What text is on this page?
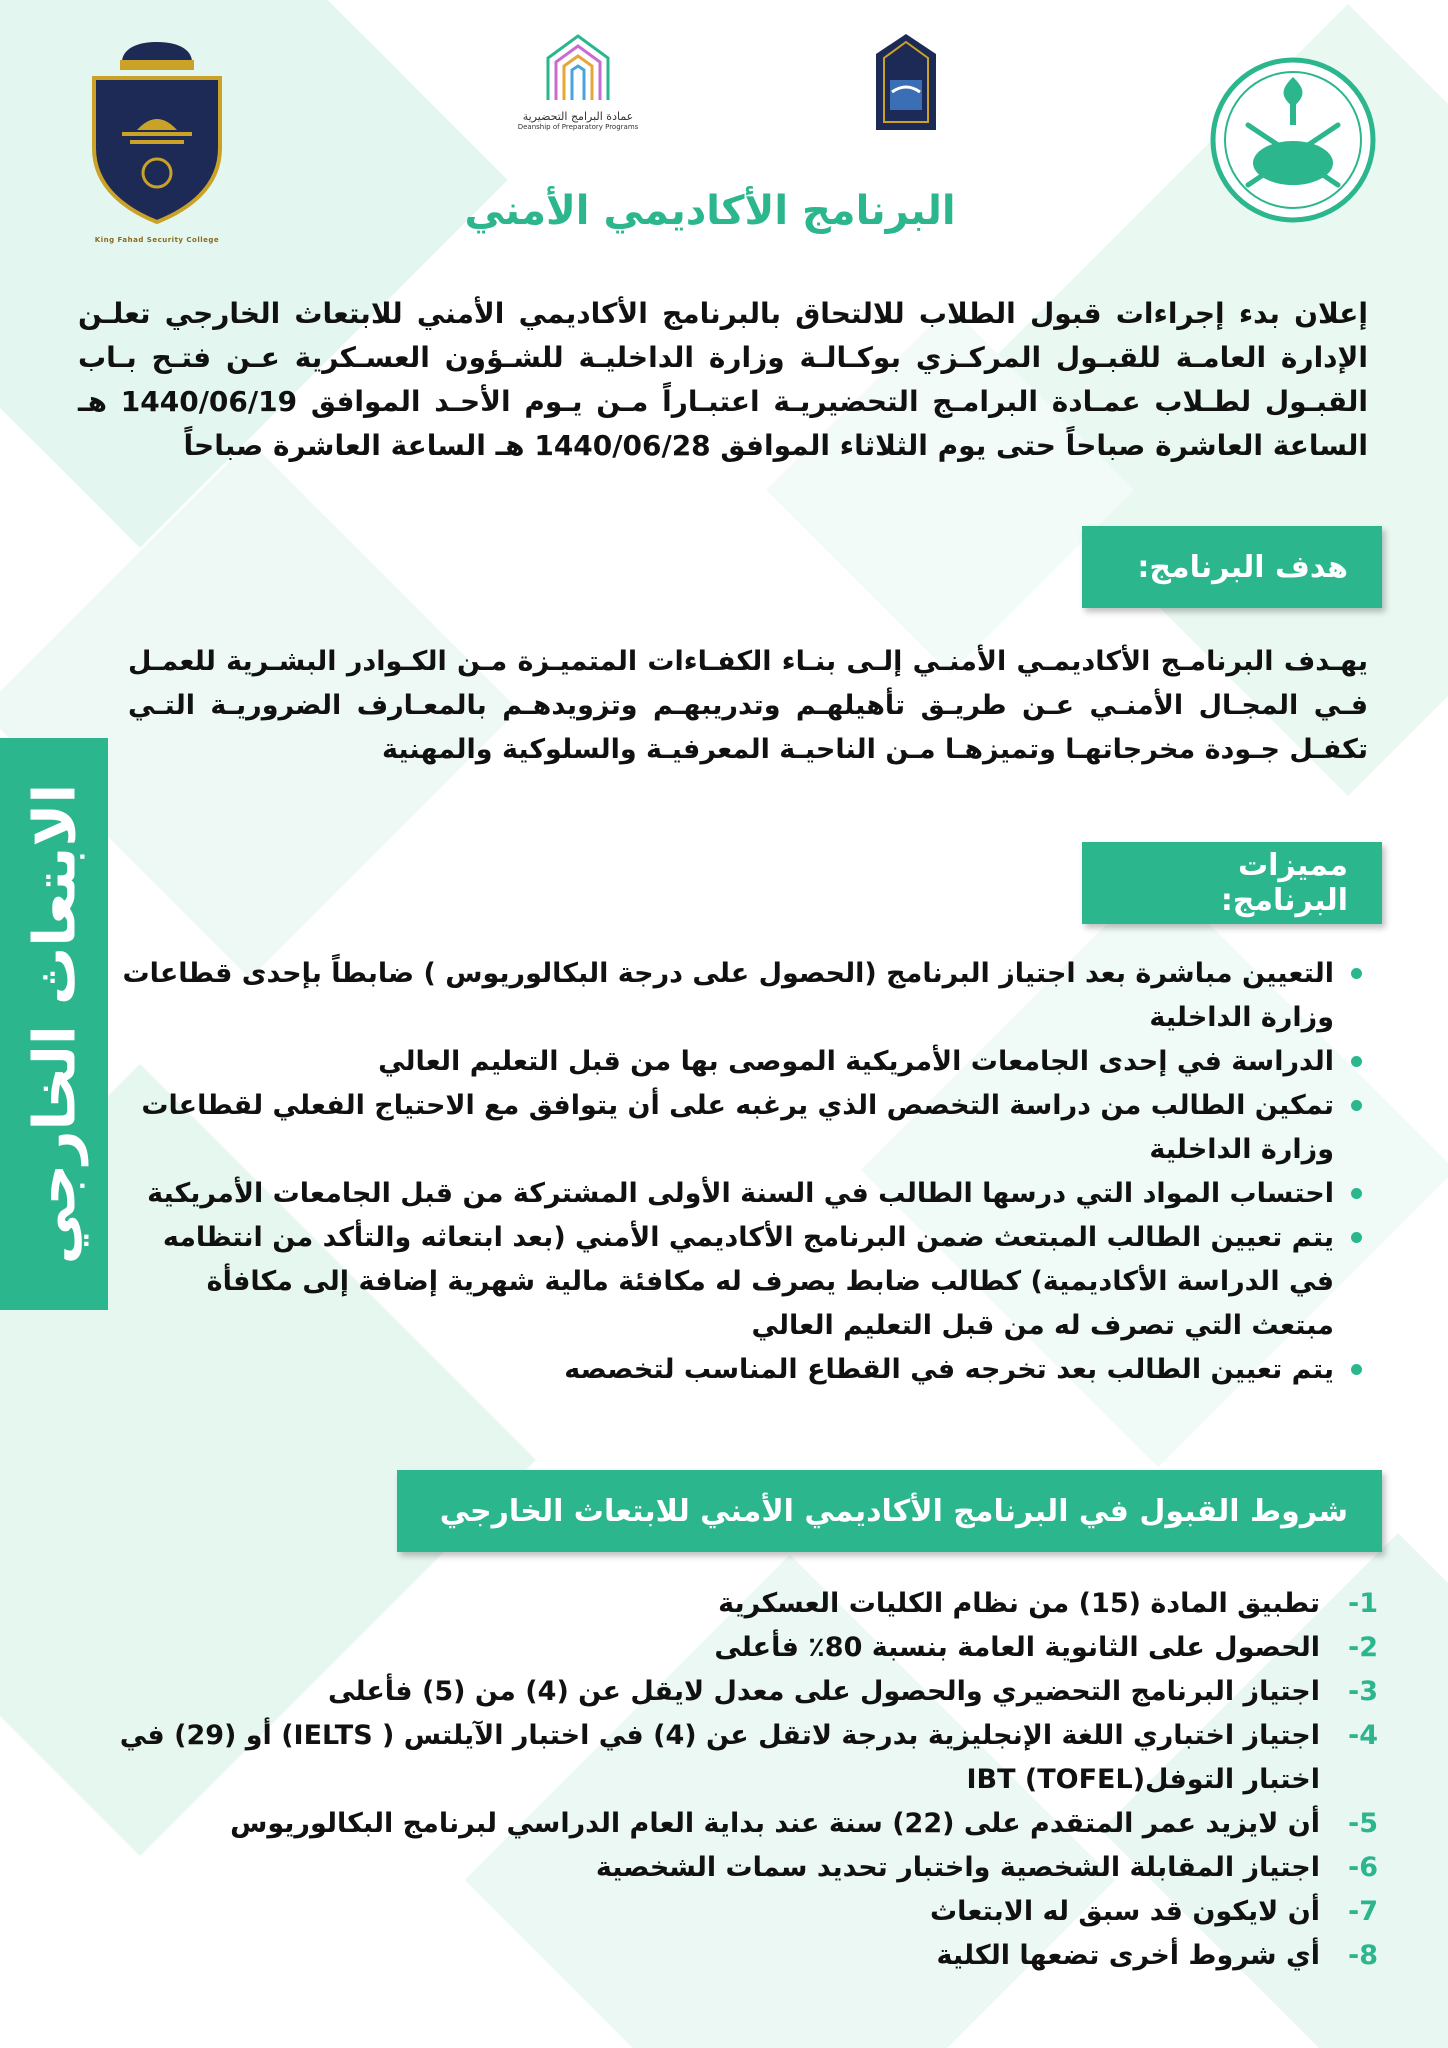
عمادة البرامج التحضيرية
Deanship of Preparatory Programs
King Fahad Security College
البرنامج الأكاديمي الأمني

إعلان بدء إجراءات قبول الطلاب للالتحاق بالبرنامج الأكاديمي الأمني للابتعاث الخارجي تعلـن الإدارة العامـة للقبـول المركـزي بوكـالـة وزارة الداخليـة للشـؤون العسـكرية عـن فتـح بـاب القبـول لطـلاب عمـادة البرامـج التحضيريـة اعتبـاراً مـن يـوم الأحـد الموافق 1440/06/19 هـ الساعة العاشرة صباحاً حتى يوم الثلاثاء الموافق 1440/06/28 هـ الساعة العاشرة صباحاً

هدف البرنامج:

يهـدف البرنامـج الأكاديمـي الأمنـي إلـى بنـاء الكفـاءات المتميـزة مـن الكـوادر البشـرية للعمـل فـي المجـال الأمنـي عـن طريـق تأهيلهـم وتدريبهـم وتزويدهـم بالمعـارف الضروريـة التـي تكفـل جـودة مخرجاتهـا وتميزهـا مـن الناحيـة المعرفيـة والسلوكية والمهنية

مميزات البرنامج:
التعيين مباشرة بعد اجتياز البرنامج (الحصول على درجة البكالوريوس ) ضابطاً بإحدى قطاعات وزارة الداخلية
الدراسة في إحدى الجامعات الأمريكية الموصى بها من قبل التعليم العالي
تمكين الطالب من دراسة التخصص الذي يرغبه على أن يتوافق مع الاحتياج الفعلي لقطاعات وزارة الداخلية
احتساب المواد التي درسها الطالب في السنة الأولى المشتركة من قبل الجامعات الأمريكية
يتم تعيين الطالب المبتعث ضمن البرنامج الأكاديمي الأمني (بعد ابتعاثه والتأكد من انتظامه في الدراسة الأكاديمية) كطالب ضابط يصرف له مكافئة مالية شهرية إضافة إلى مكافأة مبتعث التي تصرف له من قبل التعليم العالي
يتم تعيين الطالب بعد تخرجه في القطاع المناسب لتخصصه
شروط القبول في البرنامج الأكاديمي الأمني للابتعاث الخارجي
-1
تطبيق المادة (15) من نظام الكليات العسكرية
-2
الحصول على الثانوية العامة بنسبة 80٪ فأعلى
-3
اجتياز البرنامج التحضيري والحصول على معدل لايقل عن (4) من (5) فأعلى
-4
اجتياز اختباري اللغة الإنجليزية بدرجة لاتقل عن (4) في اختبار الآيلتس ( IELTS) أو (29) في اختبار التوفل(IBT (TOFEL
-5
أن لايزيد عمر المتقدم على (22) سنة عند بداية العام الدراسي لبرنامج البكالوريوس
-6
اجتياز المقابلة الشخصية واختبار تحديد سمات الشخصية
-7
أن لايكون قد سبق له الابتعاث
-8
أي شروط أخرى تضعها الكلية
الابتعاث الخارجي
